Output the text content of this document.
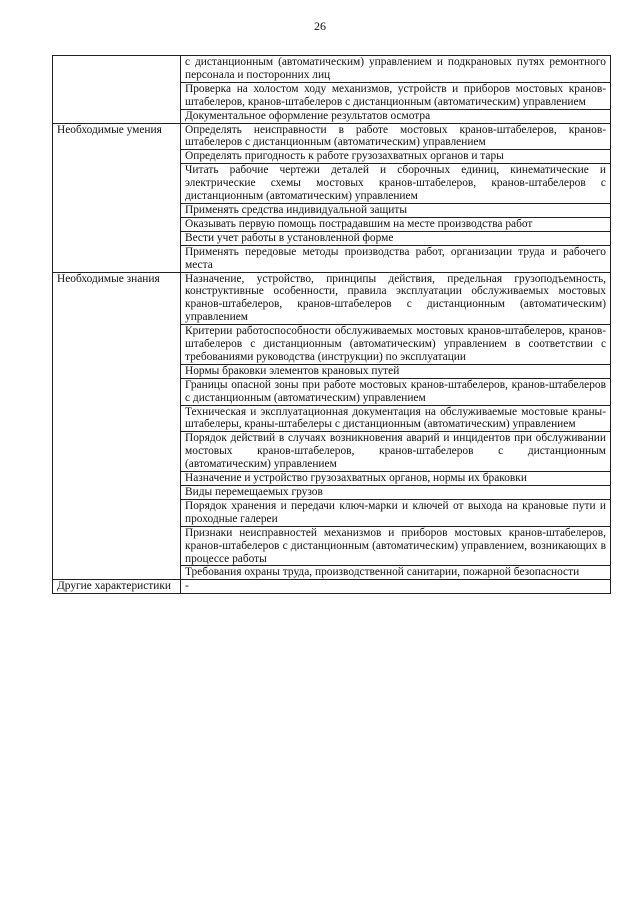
26
	с дистанционным (автоматическим) управлением и подкрановых путях ремонтного персонала и посторонних лиц
	Проверка на холостом ходу механизмов, устройств и приборов мостовых кранов-штабелеров, кранов-штабелеров с дистанционным (автоматическим) управлением
	Документальное оформление результатов осмотра
Необходимые умения	Определять неисправности в работе мостовых кранов-штабелеров, кранов-штабелеров с дистанционным (автоматическим) управлением
	Определять пригодность к работе грузозахватных органов и тары
	Читать рабочие чертежи деталей и сборочных единиц, кинематические и электрические схемы мостовых кранов-штабелеров, кранов-штабелеров с дистанционным (автоматическим) управлением
	Применять средства индивидуальной защиты
	Оказывать первую помощь пострадавшим на месте производства работ
	Вести учет работы в установленной форме
	Применять передовые методы производства работ, организации труда и рабочего места
Необходимые знания	Назначение, устройство, принципы действия, предельная грузоподъемность, конструктивные особенности, правила эксплуатации обслуживаемых мостовых кранов-штабелеров, кранов-штабелеров с дистанционным (автоматическим) управлением
	Критерии работоспособности обслуживаемых мостовых кранов-штабелеров, кранов-штабелеров с дистанционным (автоматическим) управлением в соответствии с требованиями руководства (инструкции) по эксплуатации
	Нормы браковки элементов крановых путей
	Границы опасной зоны при работе мостовых кранов-штабелеров, кранов-штабелеров с дистанционным (автоматическим) управлением
	Техническая и эксплуатационная документация на обслуживаемые мостовые краны-штабелеры, краны-штабелеры с дистанционным (автоматическим) управлением
	Порядок действий в случаях возникновения аварий и инцидентов при обслуживании мостовых кранов-штабелеров, кранов-штабелеров с дистанционным (автоматическим) управлением
	Назначение и устройство грузозахватных органов, нормы их браковки
	Виды перемещаемых грузов
	Порядок хранения и передачи ключ-марки и ключей от выхода на крановые пути и проходные галереи
	Признаки неисправностей механизмов и приборов мостовых кранов-штабелеров, кранов-штабелеров с дистанционным (автоматическим) управлением, возникающих в процессе работы
	Требования охраны труда, производственной санитарии, пожарной безопасности
Другие характеристики	-
